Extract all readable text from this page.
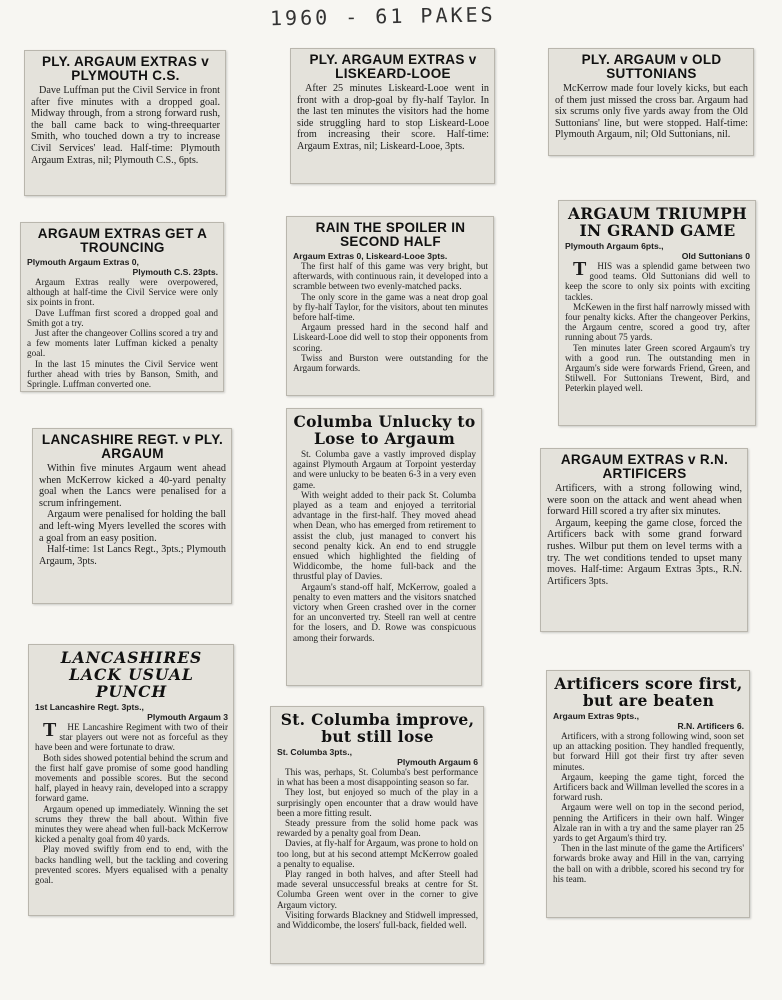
1960 - 61 PAKES
PLY. ARGAUM EXTRAS v PLYMOUTH C.S.

Dave Luffman put the Civil Service in front after five minutes with a dropped goal. Midway through, from a strong forward rush, the ball came back to wing-threequarter Smith, who touched down a try to increase Civil Services' lead. Half-time: Plymouth Argaum Extras, nil; Plymouth C.S., 6pts.

PLY. ARGAUM EXTRAS v LISKEARD-LOOE

After 25 minutes Liskeard-Looe went in front with a drop-goal by fly-half Taylor. In the last ten minutes the visitors had the home side struggling hard to stop Liskeard-Looe from increasing their score. Half-time: Argaum Extras, nil; Liskeard-Looe, 3pts.

PLY. ARGAUM v OLD SUTTONIANS

McKerrow made four lovely kicks, but each of them just missed the cross bar. Argaum had six scrums only five yards away from the Old Suttonians' line, but were stopped. Half-time: Plymouth Argaum, nil; Old Suttonians, nil.

ARGAUM EXTRAS GET A TROUNCING
Plymouth Argaum Extras 0,
Plymouth C.S. 23pts.

Argaum Extras really were overpowered, although at half-time the Civil Service were only six points in front.

Dave Luffman first scored a dropped goal and Smith got a try.

Just after the changeover Collins scored a try and a few moments later Luffman kicked a penalty goal.

In the last 15 minutes the Civil Service went further ahead with tries by Banson, Smith, and Springle. Luffman converted one.

RAIN THE SPOILER IN SECOND HALF
Argaum Extras 0, Liskeard-Looe 3pts.

The first half of this game was very bright, but afterwards, with continuous rain, it developed into a scramble between two evenly-matched packs.

The only score in the game was a neat drop goal by fly-half Taylor, for the visitors, about ten minutes before half-time.

Argaum pressed hard in the second half and Liskeard-Looe did well to stop their opponents from scoring.

Twiss and Burston were outstanding for the Argaum forwards.

ARGAUM TRIUMPH IN GRAND GAME
Plymouth Argaum 6pts.,
Old Suttonians 0

THIS was a splendid game between two good teams. Old Suttonians did well to keep the score to only six points with exciting tackles.

McKewen in the first half narrowly missed with four penalty kicks. After the changeover Perkins, the Argaum centre, scored a good try, after running about 75 yards.

Ten minutes later Green scored Argaum's try with a good run. The outstanding men in Argaum's side were forwards Friend, Green, and Stilwell. For Suttonians Trewent, Bird, and Peterkin played well.

LANCASHIRE REGT. v PLY. ARGAUM

Within five minutes Argaum went ahead when McKerrow kicked a 40-yard penalty goal when the Lancs were penalised for a scrum infringement.

Argaum were penalised for holding the ball and left-wing Myers levelled the scores with a goal from an easy position.

Half-time: 1st Lancs Regt., 3pts.; Plymouth Argaum, 3pts.

Columba Unlucky to Lose to Argaum

St. Columba gave a vastly improved display against Plymouth Argaum at Torpoint yesterday and were unlucky to be beaten 6-3 in a very even game.

With weight added to their pack St. Columba played as a team and enjoyed a territorial advantage in the first-half. They moved ahead when Dean, who has emerged from retirement to assist the club, just managed to convert his second penalty kick. An end to end struggle ensued which highlighted the fielding of Widdicombe, the home full-back and the thrustful play of Davies.

Argaum's stand-off half, McKerrow, goaled a penalty to even matters and the visitors snatched victory when Green crashed over in the corner for an unconverted try. Steell ran well at centre for the losers, and D. Rowe was conspicuous among their forwards.

ARGAUM EXTRAS v R.N. ARTIFICERS

Artificers, with a strong following wind, were soon on the attack and went ahead when forward Hill scored a try after six minutes.

Argaum, keeping the game close, forced the Artificers back with some grand forward rushes. Wilbur put them on level terms with a try. The wet conditions tended to upset many moves. Half-time: Argaum Extras 3pts., R.N. Artificers 3pts.

LANCASHIRES LACK USUAL PUNCH
1st Lancashire Regt. 3pts.,
Plymouth Argaum 3

THE Lancashire Regiment with two of their star players out were not as forceful as they have been and were fortunate to draw.

Both sides showed potential behind the scrum and the first half gave promise of some good handling movements and possible scores. But the second half, played in heavy rain, developed into a scrappy forward game.

Argaum opened up immediately. Winning the set scrums they threw the ball about. Within five minutes they were ahead when full-back McKerrow kicked a penalty goal from 40 yards.

Play moved swiftly from end to end, with the backs handling well, but the tackling and covering prevented scores. Myers equalised with a penalty goal.

St. Columba improve, but still lose
St. Columba 3pts.,
Plymouth Argaum 6

This was, perhaps, St. Columba's best performance in what has been a most disappointing season so far.

They lost, but enjoyed so much of the play in a surprisingly open encounter that a draw would have been a more fitting result.

Steady pressure from the solid home pack was rewarded by a penalty goal from Dean.

Davies, at fly-half for Argaum, was prone to hold on too long, but at his second attempt McKerrow goaled a penalty to equalise.

Play ranged in both halves, and after Steell had made several unsuccessful breaks at centre for St. Columba Green went over in the corner to give Argaum victory.

Visiting forwards Blackney and Stidwell impressed, and Widdicombe, the losers' full-back, fielded well.

Artificers score first, but are beaten
Argaum Extras 9pts.,
R.N. Artificers 6.

Artificers, with a strong following wind, soon set up an attacking position. They handled frequently, but forward Hill got their first try after seven minutes.

Argaum, keeping the game tight, forced the Artificers back and Willman levelled the scores in a forward rush.

Argaum were well on top in the second period, penning the Artificers in their own half. Winger Alzale ran in with a try and the same player ran 25 yards to get Argaum's third try.

Then in the last minute of the game the Artificers' forwards broke away and Hill in the van, carrying the ball on with a dribble, scored his second try for his team.
